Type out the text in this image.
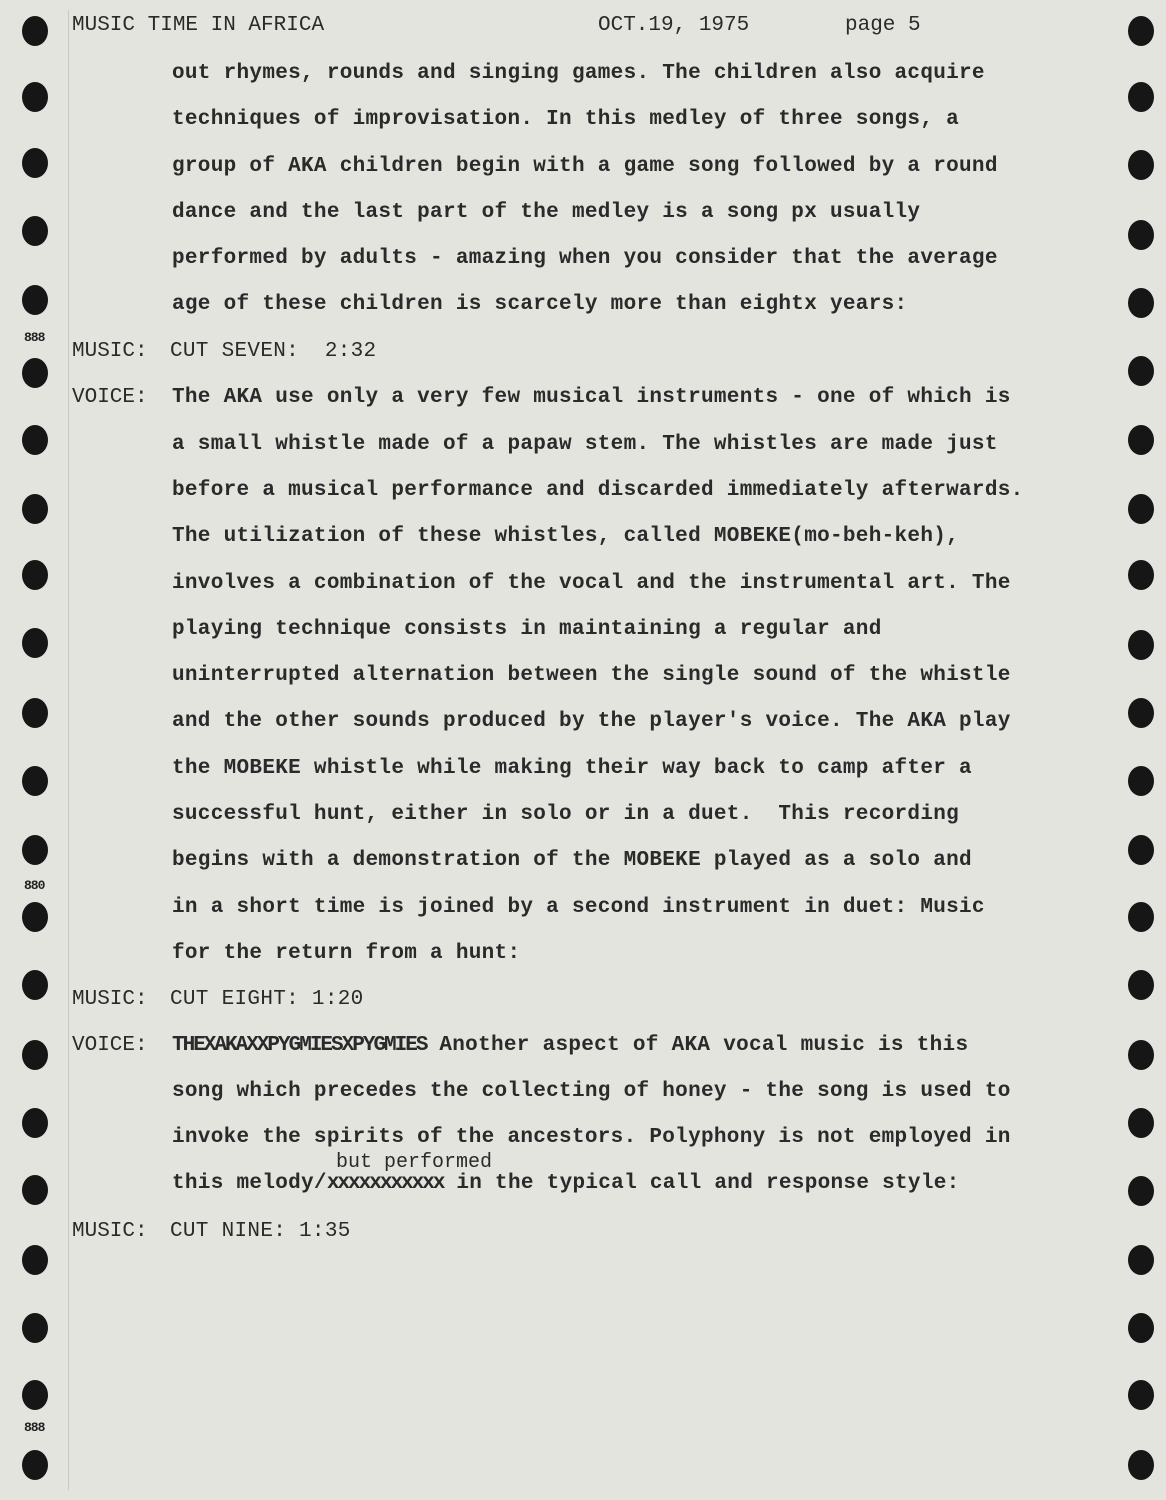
888
880
888
MUSIC TIME IN AFRICA	OCT.19, 1975	page 5
out rhymes, rounds and singing games. The children also acquire
techniques of improvisation. In this medley of three songs, a
group of AKA children begin with a game song followed by a round
dance and the last part of the medley is a song px usually
performed by adults - amazing when you consider that the average
age of these children is scarcely more than eightx years:
MUSIC: CUT SEVEN:  2:32
VOICE: The AKA use only a very few musical instruments - one of which is
a small whistle made of a papaw stem. The whistles are made just
before a musical performance and discarded immediately afterwards.
The utilization of these whistles, called MOBEKE(mo-beh-keh),
involves a combination of the vocal and the instrumental art. The
playing technique consists in maintaining a regular and
uninterrupted alternation between the single sound of the whistle
and the other sounds produced by the player's voice. The AKA play
the MOBEKE whistle while making their way back to camp after a
successful hunt, either in solo or in a duet.  This recording
begins with a demonstration of the MOBEKE played as a solo and
in a short time is joined by a second instrument in duet: Music
for the return from a hunt:
MUSIC: CUT EIGHT: 1:20
VOICE: THEXAKAXXPYGMIESXPYGMIES Another aspect of AKA vocal music is this
song which precedes the collecting of honey - the song is used to
invoke the spirits of the ancestors. Polyphony is not employed in
but performed
this melody/xxxxxxxxxxx in the typical call and response style:
MUSIC: CUT NINE: 1:35
